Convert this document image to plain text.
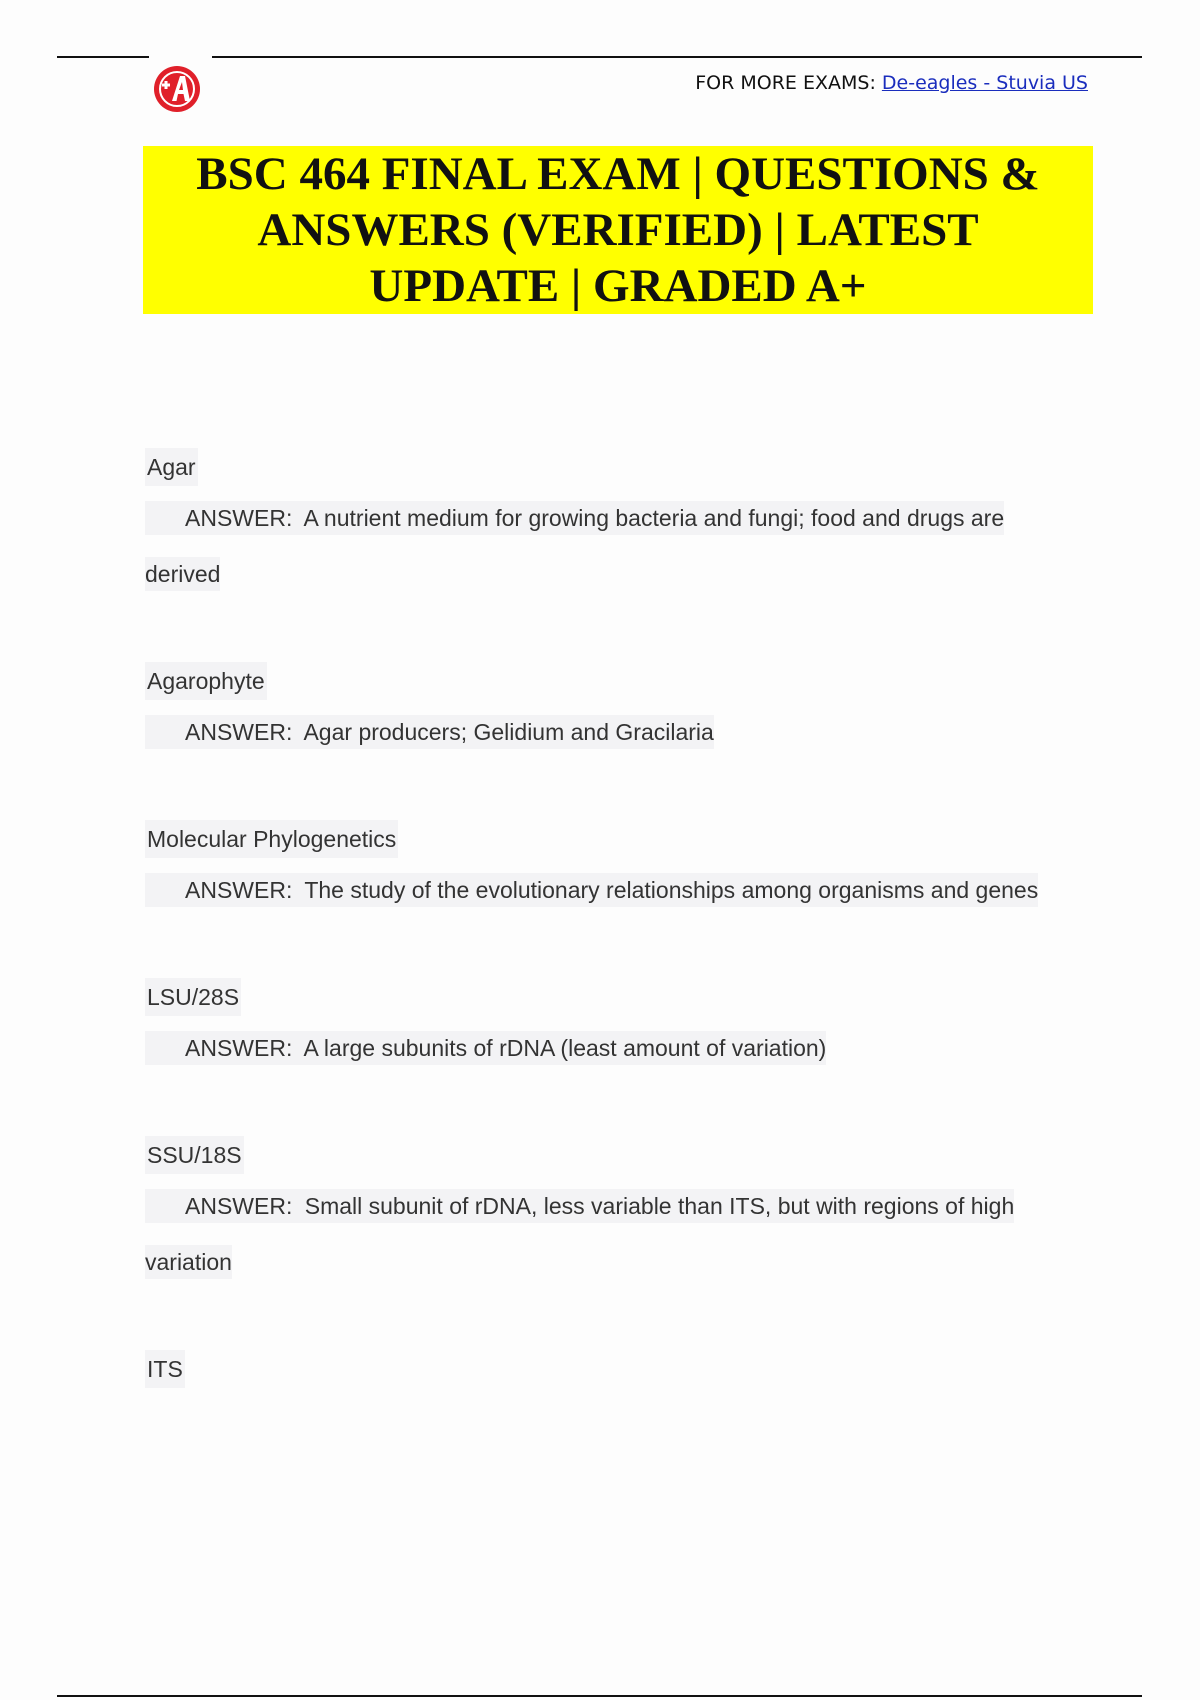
FOR MORE EXAMS: De-eagles - Stuvia US
BSC 464 FINAL EXAM | QUESTIONS & ANSWERS (VERIFIED) | LATEST UPDATE | GRADED A+
Agar
ANSWER: A nutrient medium for growing bacteria and fungi; food and drugs are derived
Agarophyte
ANSWER: Agar producers; Gelidium and Gracilaria
Molecular Phylogenetics
ANSWER: The study of the evolutionary relationships among organisms and genes
LSU/28S
ANSWER: A large subunits of rDNA (least amount of variation)
SSU/18S
ANSWER: Small subunit of rDNA, less variable than ITS, but with regions of high variation
ITS
